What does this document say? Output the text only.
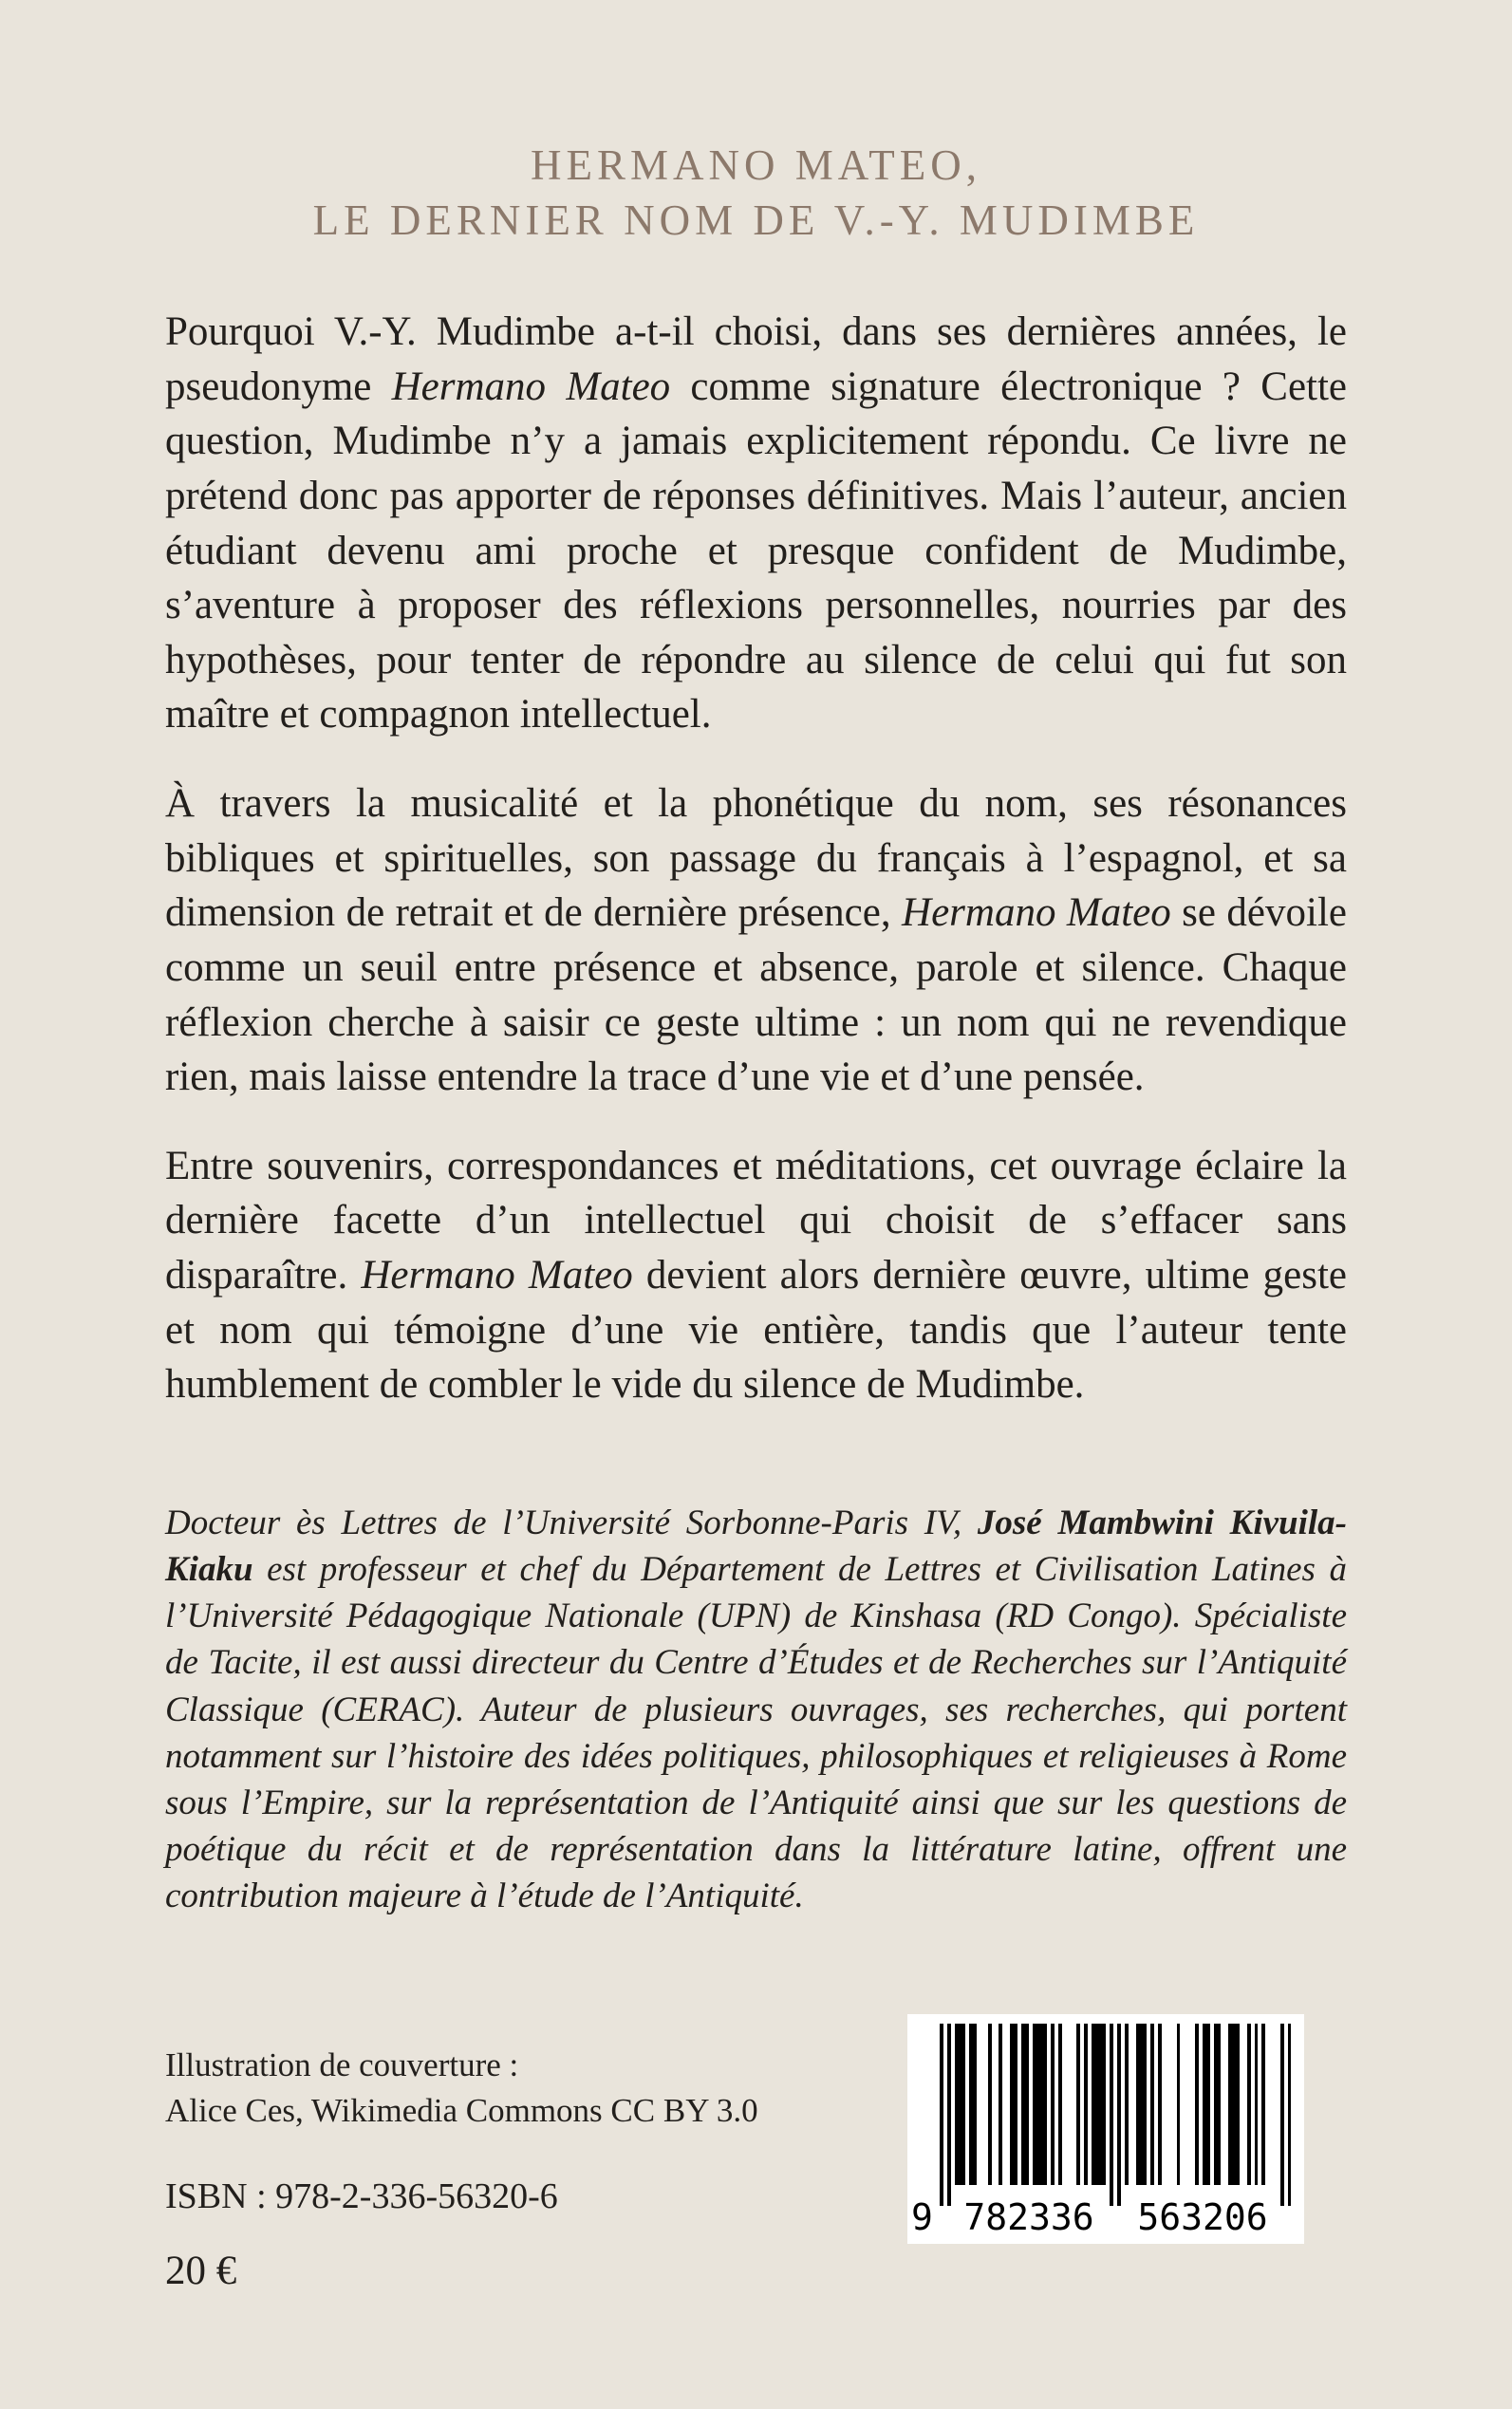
HERMANO MATEO,
LE DERNIER NOM DE V.-Y. MUDIMBE

Pourquoi V.-Y. Mudimbe a-t-il choisi, dans ses dernières années, le pseudonyme Hermano Mateo comme signature électronique ? Cette question, Mudimbe n’y a jamais explicitement répondu. Ce livre ne prétend donc pas apporter de réponses définitives. Mais l’auteur, ancien étudiant devenu ami proche et presque confident de Mudimbe, s’aventure à proposer des réflexions personnelles, nourries par des hypothèses, pour tenter de répondre au silence de celui qui fut son maître et compagnon intellectuel.

À travers la musicalité et la phonétique du nom, ses résonances bibliques et spirituelles, son passage du français à l’espagnol, et sa dimension de retrait et de dernière présence, Hermano Mateo se dévoile comme un seuil entre présence et absence, parole et silence. Chaque réflexion cherche à saisir ce geste ultime : un nom qui ne revendique rien, mais laisse entendre la trace d’une vie et d’une pensée.

Entre souvenirs, correspondances et méditations, cet ouvrage éclaire la dernière facette d’un intellectuel qui choisit de s’effacer sans disparaître. Hermano Mateo devient alors dernière œuvre, ultime geste et nom qui témoigne d’une vie entière, tandis que l’auteur tente humblement de combler le vide du silence de Mudimbe.

Docteur ès Lettres de l’Université Sorbonne-Paris IV, José Mambwini Kivuila-Kiaku est professeur et chef du Département de Lettres et Civilisation Latines à l’Université Pédagogique Nationale (UPN) de Kinshasa (RD Congo). Spécialiste de Tacite, il est aussi directeur du Centre d’Études et de Recherches sur l’Antiquité Classique (CERAC). Auteur de plusieurs ouvrages, ses recherches, qui portent notamment sur l’histoire des idées politiques, philosophiques et religieuses à Rome sous l’Empire, sur la représentation de l’Antiquité ainsi que sur les questions de poétique du récit et de représentation dans la littérature latine, offrent une contribution majeure à l’étude de l’Antiquité.

Illustration de couverture :
Alice Ces, Wikimedia Commons CC BY 3.0
ISBN : 978-2-336-56320-6
20 €
9 782336	563206
